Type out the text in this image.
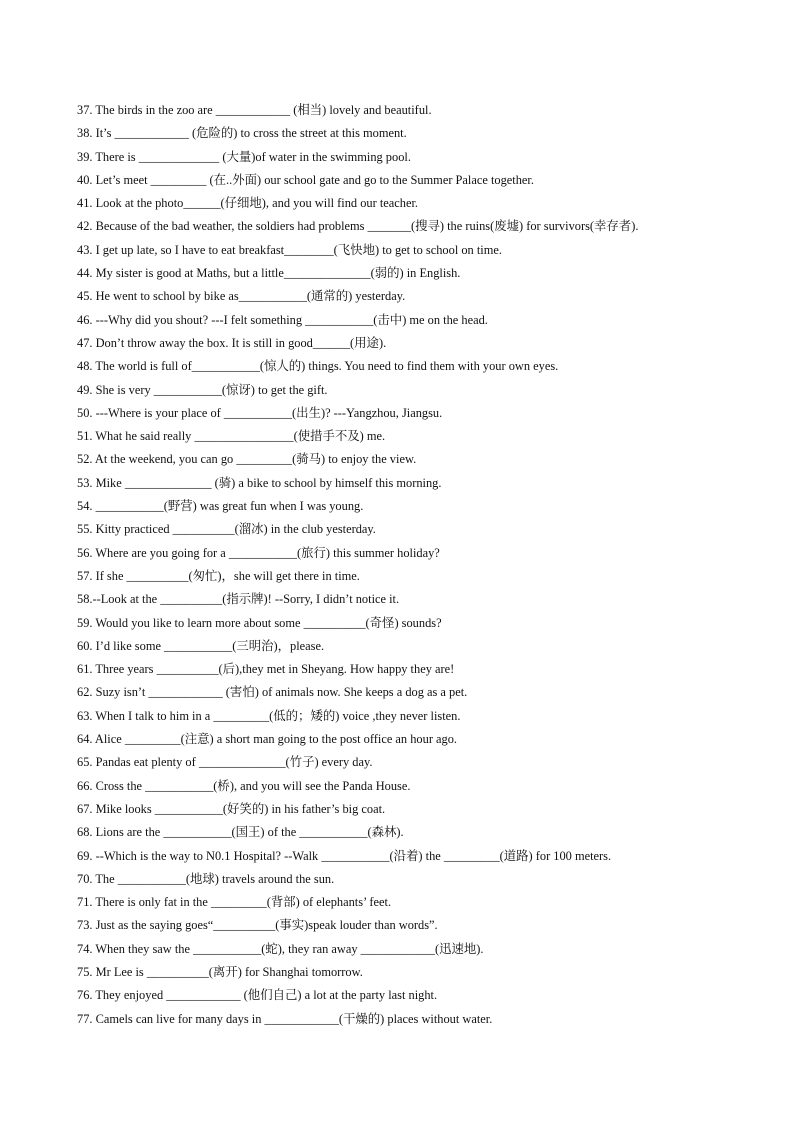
37. The birds in the zoo are ____________ (相当) lovely and beautiful.
38. It’s ____________ (危险的) to cross the street at this moment.
39. There is _____________ (大量)of water in the swimming pool.
40. Let’s meet _________ (在..外面) our school gate and go to the Summer Palace together.
41. Look at the photo______(仔细地), and you will find our teacher.
42. Because of the bad weather, the soldiers had problems _______(搜寻) the ruins(废墟) for survivors(幸存者).
43. I get up late, so I have to eat breakfast________(飞快地) to get to school on time.
44. My sister is good at Maths, but a little______________(弱的) in English.
45. He went to school by bike as___________(通常的) yesterday.
46. ---Why did you shout? ---I felt something ___________(击中) me on the head.
47. Don’t throw away the box. It is still in good______(用途).
48. The world is full of___________(惊人的) things. You need to find them with your own eyes.
49. She is very ___________(惊讶) to get the gift.
50. ---Where is your place of ___________(出生)? ---Yangzhou, Jiangsu.
51. What he said really ________________(使措手不及) me.
52. At the weekend, you can go _________(骑马) to enjoy the view.
53. Mike ______________ (骑) a bike to school by himself this morning.
54. ___________(野营) was great fun when I was young.
55. Kitty practiced __________(溜冰) in the club yesterday.
56. Where are you going for a ___________(旅行) this summer holiday?
57. If she __________(匆忙)，she will get there in time.
58.--Look at the __________(指示牌)! --Sorry, I didn’t notice it.
59. Would you like to learn more about some __________(奇怪) sounds?
60. I’d like some ___________(三明治)，please.
61. Three years __________(后),they met in Sheyang. How happy they are!
62. Suzy isn’t ____________ (害怕) of animals now. She keeps a dog as a pet.
63. When I talk to him in a _________(低的；矮的) voice ,they never listen.
64. Alice _________(注意) a short man going to the post office an hour ago.
65. Pandas eat plenty of ______________(竹子) every day.
66. Cross the ___________(桥), and you will see the Panda House.
67. Mike looks ___________(好笑的) in his father’s big coat.
68. Lions are the ___________(国王) of the ___________(森林).
69. --Which is the way to N0.1 Hospital? --Walk ___________(沿着) the _________(道路) for 100 meters.
70. The ___________(地球) travels around the sun.
71. There is only fat in the _________(背部) of elephants’ feet.
73. Just as the saying goes“__________(事实)speak louder than words”.
74. When they saw the ___________(蛇), they ran away ____________(迅速地).
75. Mr Lee is __________(离开) for Shanghai tomorrow.
76. They enjoyed ____________ (他们自己) a lot at the party last night.
77. Camels can live for many days in ____________(干燥的) places without water.
